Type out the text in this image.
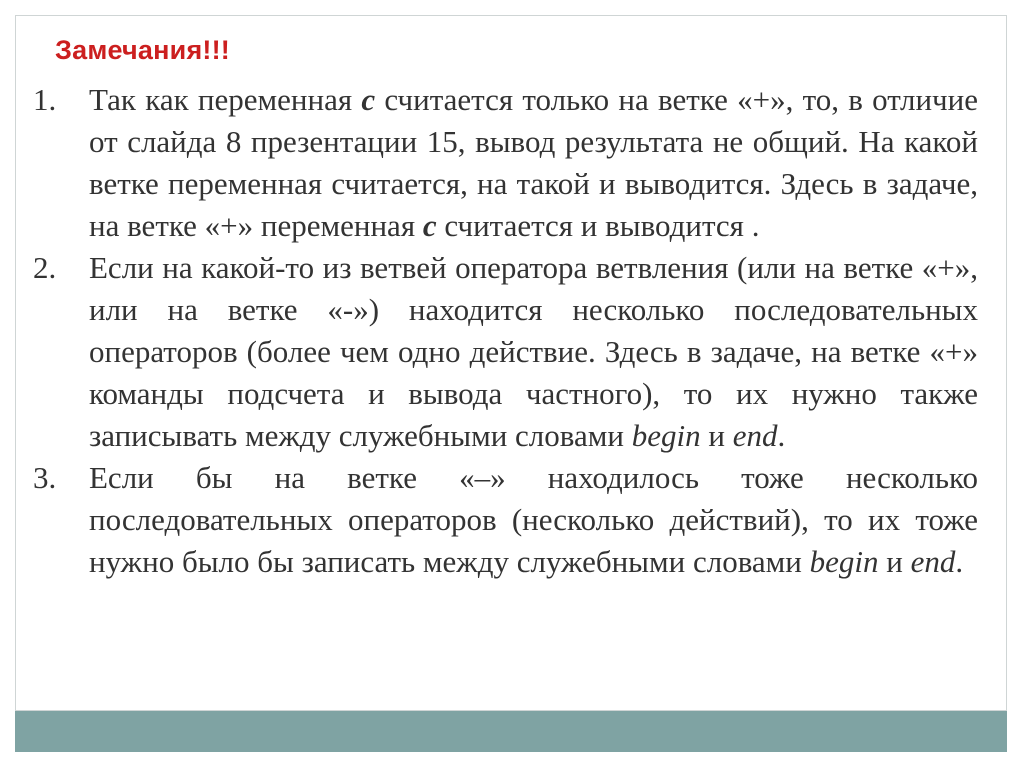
Замечания!!!
1.	Так как переменная с считается только на ветке «+», то, в отличие от слайда 8 презентации 15, вывод результата не общий. На какой ветке переменная считается, на такой и выводится. Здесь в задаче, на ветке «+» переменная с считается и выводится .
2.	Если на какой-то из ветвей оператора ветвления (или на ветке «+», или на ветке «-») находится несколько последовательных операторов (более чем одно действие. Здесь в задаче, на ветке «+» команды подсчета и вывода частного), то их нужно также записывать между служебными словами begin и end.
3.	Если бы на ветке «–» находилось тоже несколько последовательных операторов (несколько действий), то их тоже нужно было бы записать между служебными словами begin и end.
